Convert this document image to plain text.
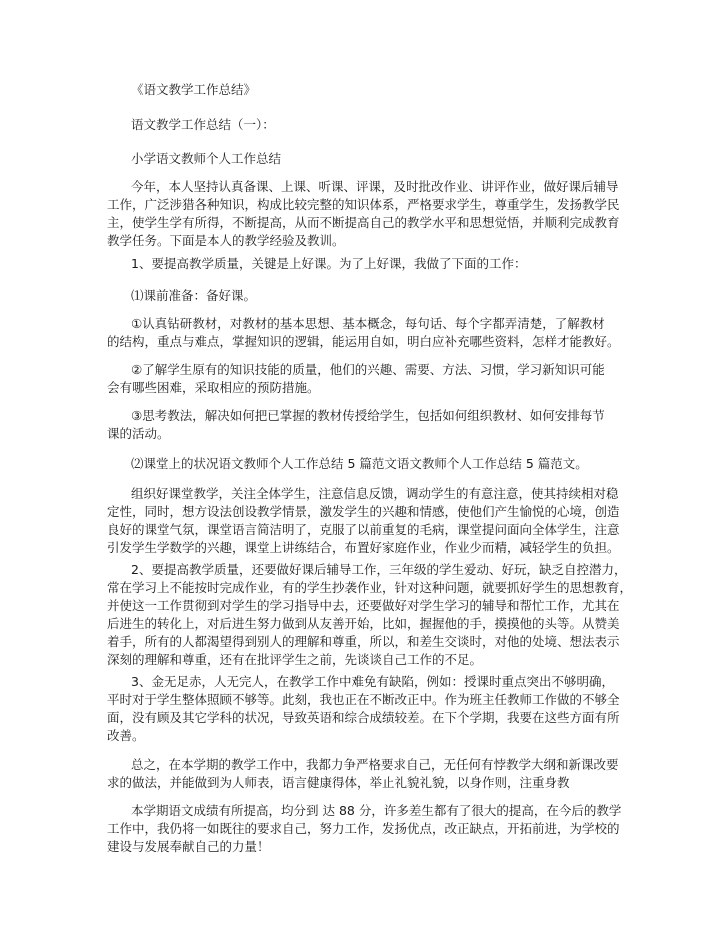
《语文教学工作总结》
语文教学工作总结（一）：
小学语文教师个人工作总结
今年，本人坚持认真备课、上课、听课、评课，及时批改作业、讲评作业，做好课后辅导
工作，广泛涉猎各种知识，构成比较完整的知识体系，严格要求学生，尊重学生，发扬教学民
主，使学生学有所得，不断提高，从而不断提高自己的教学水平和思想觉悟，并顺利完成教育
教学任务。下面是本人的教学经验及教训。
1、要提高教学质量，关键是上好课。为了上好课，我做了下面的工作：
⑴课前准备：备好课。
①认真钻研教材，对教材的基本思想、基本概念，每句话、每个字都弄清楚，了解教材
的结构，重点与难点，掌握知识的逻辑，能运用自如，明白应补充哪些资料，怎样才能教好。
②了解学生原有的知识技能的质量，他们的兴趣、需要、方法、习惯，学习新知识可能
会有哪些困难，采取相应的预防措施。
③思考教法，解决如何把已掌握的教材传授给学生，包括如何组织教材、如何安排每节
课的活动。
⑵课堂上的状况语文教师个人工作总结 5 篇范文语文教师个人工作总结 5 篇范文。
组织好课堂教学，关注全体学生，注意信息反馈，调动学生的有意注意，使其持续相对稳
定性，同时，想方设法创设教学情景，激发学生的兴趣和情感，使他们产生愉悦的心境，创造
良好的课堂气氛，课堂语言简洁明了，克服了以前重复的毛病，课堂提问面向全体学生，注意
引发学生学数学的兴趣，课堂上讲练结合，布置好家庭作业，作业少而精，减轻学生的负担。
2、要提高教学质量，还要做好课后辅导工作，三年级的学生爱动、好玩，缺乏自控潜力，
常在学习上不能按时完成作业，有的学生抄袭作业，针对这种问题，就要抓好学生的思想教育，
并使这一工作贯彻到对学生的学习指导中去，还要做好对学生学习的辅导和帮忙工作，尤其在
后进生的转化上，对后进生努力做到从友善开始，比如，握握他的手，摸摸他的头等。从赞美
着手，所有的人都渴望得到别人的理解和尊重，所以，和差生交谈时，对他的处境、想法表示
深刻的理解和尊重，还有在批评学生之前，先谈谈自己工作的不足。
3、金无足赤，人无完人，在教学工作中难免有缺陷，例如：授课时重点突出不够明确，
平时对于学生整体照顾不够等。此刻，我也正在不断改正中。作为班主任教师工作做的不够全
面，没有顾及其它学科的状况，导致英语和综合成绩较差。在下个学期，我要在这些方面有所
改善。
总之，在本学期的教学工作中，我都力争严格要求自己，无任何有悖教学大纲和新课改要
求的做法，并能做到为人师表，语言健康得体，举止礼貌礼貌，以身作则，注重身教
本学期语文成绩有所提高，均分到 达 88 分，许多差生都有了很大的提高，在今后的教学
工作中，我仍将一如既往的要求自己，努力工作，发扬优点，改正缺点，开拓前进，为学校的
建设与发展奉献自己的力量！
